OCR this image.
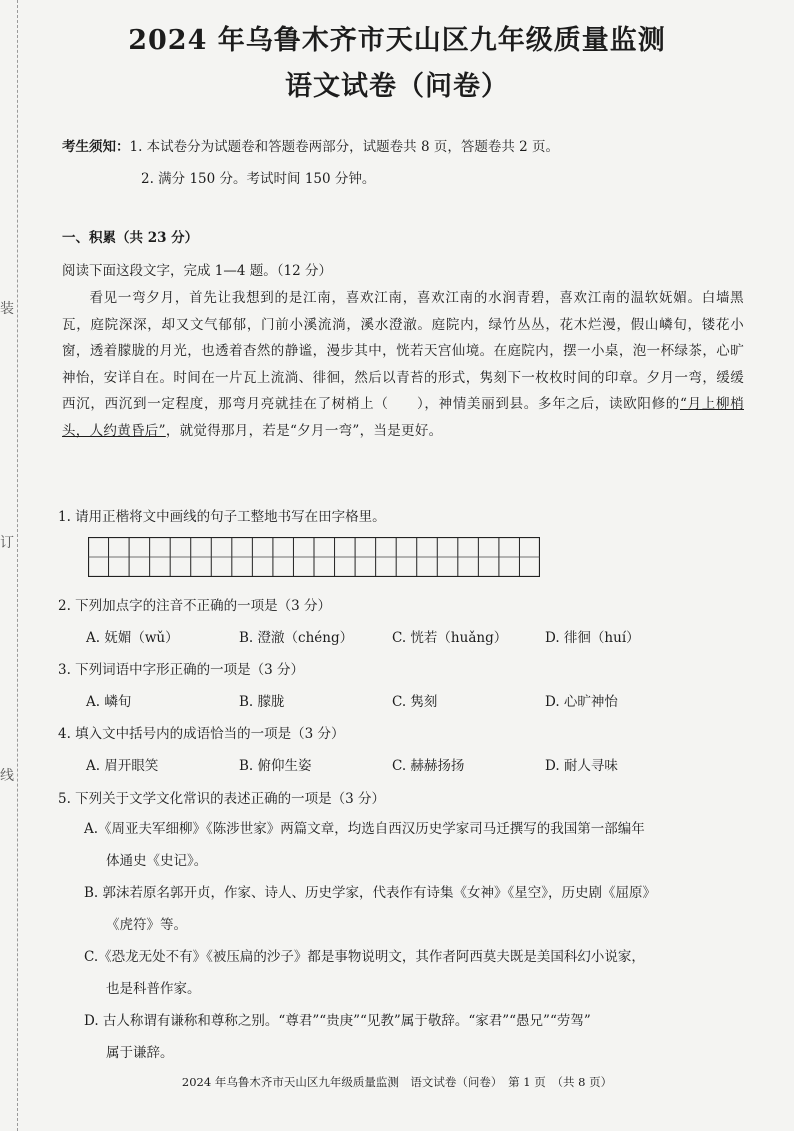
装
订
线
2024 年乌鲁木齐市天山区九年级质量监测
语文试卷（问卷）
考生须知：1. 本试卷分为试题卷和答题卷两部分，试题卷共 8 页，答题卷共 2 页。
2. 满分 150 分。考试时间 150 分钟。
一、积累（共 23 分）
阅读下面这段文字，完成 1—4 题。（12 分）
看见一弯夕月，首先让我想到的是江南，喜欢江南，喜欢江南的水润青碧，喜欢江南的温软妩媚。白墙黑瓦，庭院深深，却又文气郁郁，门前小溪流淌，溪水澄澈。庭院内，绿竹丛丛，花木烂漫，假山嶙旬，镂花小窗，透着朦胧的月光，也透着杳然的静谧，漫步其中，恍若天宫仙境。在庭院内，摆一小桌，泡一杯绿茶，心旷神怡，安详自在。时间在一片瓦上流淌、徘徊，然后以青苔的形式，隽刻下一枚枚时间的印章。夕月一弯，缓缓西沉，西沉到一定程度，那弯月亮就挂在了树梢上（　　），神情美丽到县。多年之后，读欧阳修的“月上柳梢头，人约黄昏后”，就觉得那月，若是“夕月一弯”，当是更好。
1. 请用正楷将文中画线的句子工整地书写在田字格里。
2. 下列加点字的注音不正确的一项是（3 分）
A. 妩媚（wǔ）	B. 澄澈（chéng）	C. 恍若（huǎng）	D. 徘徊（huí）
3. 下列词语中字形正确的一项是（3 分）
A. 嶙旬	B. 朦胧	C. 隽刻	D. 心旷神怡
4. 填入文中括号内的成语恰当的一项是（3 分）
A. 眉开眼笑	B. 俯仰生姿	C. 赫赫扬扬	D. 耐人寻味
5. 下列关于文学文化常识的表述正确的一项是（3 分）
A.《周亚夫军细柳》《陈涉世家》两篇文章，均选自西汉历史学家司马迁撰写的我国第一部编年
体通史《史记》。
B. 郭沫若原名郭开贞，作家、诗人、历史学家，代表作有诗集《女神》《星空》，历史剧《屈原》
《虎符》等。
C.《恐龙无处不有》《被压扁的沙子》都是事物说明文，其作者阿西莫夫既是美国科幻小说家，
也是科普作家。
D. 古人称谓有谦称和尊称之别。“尊君”“贵庚”“见教”属于敬辞。“家君”“愚兄”“劳驾”
属于谦辞。
2024 年乌鲁木齐市天山区九年级质量监测　语文试卷（问卷）　第 1 页　（共 8 页）
